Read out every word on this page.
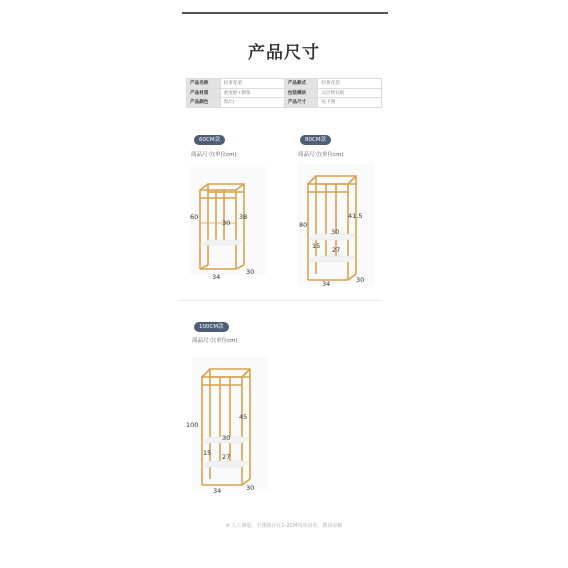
产品尺寸
产品名称	轻奢花架	产品款式	轻奢花架
产品材质	密度板+钢架	包装模块	五层楞瓦纸
产品颜色	黑/白	产品尺寸	见下图
60CM款
商品尺寸(单位cm)
60
30
38
34
30
80CM款
商品尺寸(单位cm)
80
41.5
30
15 27
34	30
100CM款
商品尺寸(单位cm)
100
45
30
15 27
34	30
※ 人工测量，不排除存在1-2CM内的误差，敬请谅解
